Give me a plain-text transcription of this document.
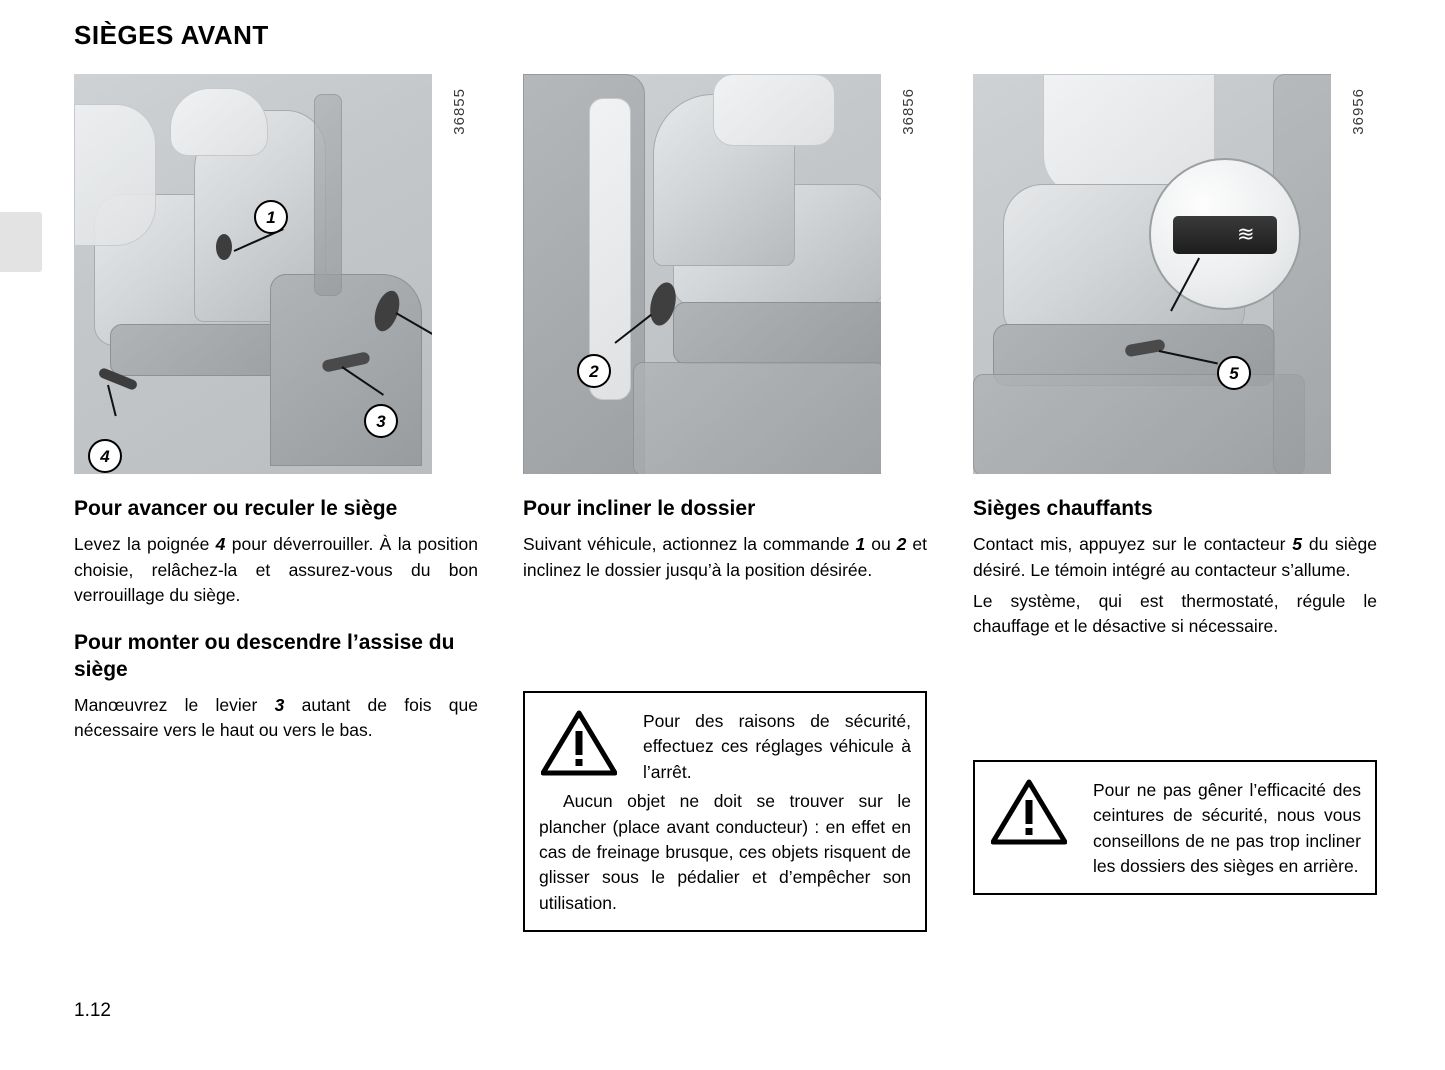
SIÈGES AVANT
1
3
4
36855
Pour avancer ou reculer le siège

Levez la poignée 4 pour déverrouiller. À la position choisie, relâchez-la et assurez-vous du bon verrouillage du siège.

Pour monter ou descendre l’assise du siège

Manœuvrez le levier 3 autant de fois que nécessaire vers le haut ou vers le bas.

2
36856
Pour incliner le dossier

Suivant véhicule, actionnez la commande 1 ou 2 et inclinez le dossier jusqu’à la position désirée.

Pour des raisons de sécurité, effectuez ces réglages véhicule à l’arrêt.

Aucun objet ne doit se trouver sur le plancher (place avant conducteur) : en effet en cas de freinage brusque, ces objets risquent de glisser sous le pédalier et d’empêcher son utilisation.

≋
5
36956
Sièges chauffants

Contact mis, appuyez sur le contacteur 5 du siège désiré. Le témoin intégré au contacteur s’allume.

Le système, qui est thermostaté, régule le chauffage et le désactive si nécessaire.

Pour ne pas gêner l’efficacité des ceintures de sécurité, nous vous conseillons de ne pas trop incliner les dossiers des sièges en arrière.

1.12
